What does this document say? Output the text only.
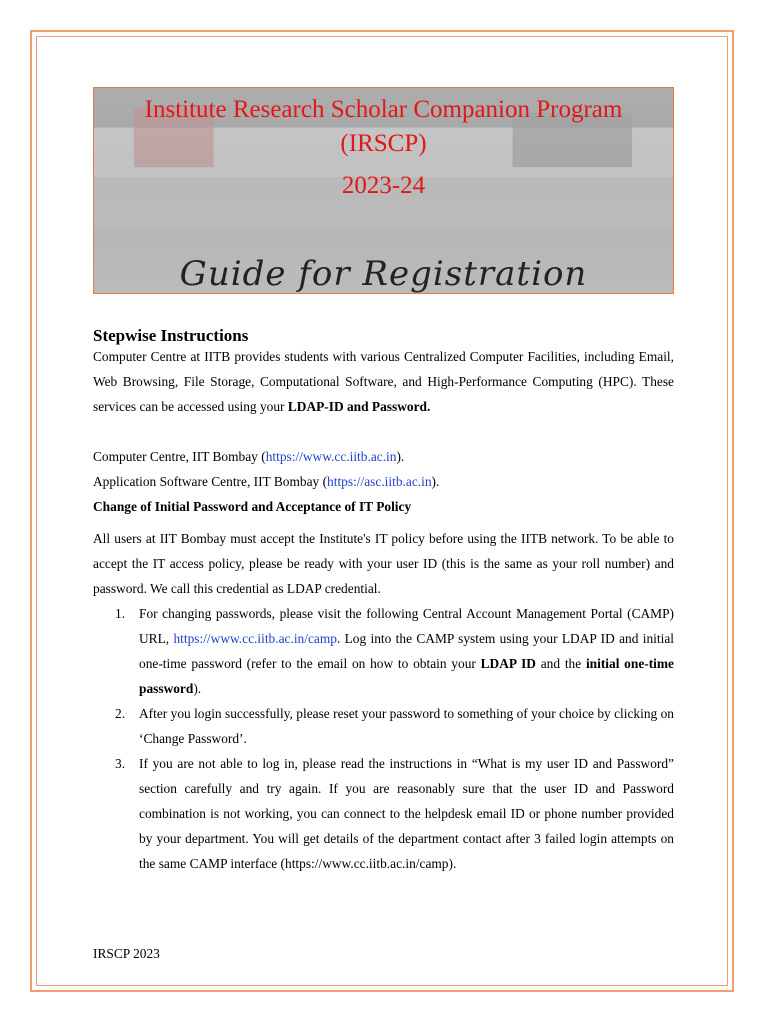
Institute Research Scholar Companion Program
(IRSCP)
2023-24
Guide for Registration
Stepwise Instructions
Computer Centre at IITB provides students with various Centralized Computer Facilities, including Email, Web Browsing, File Storage, Computational Software, and High-Performance Computing (HPC). These services can be accessed using your LDAP-ID and Password.
Computer Centre, IIT Bombay (https://www.cc.iitb.ac.in).
Application Software Centre, IIT Bombay (https://asc.iitb.ac.in).
Change of Initial Password and Acceptance of IT Policy
All users at IIT Bombay must accept the Institute's IT policy before using the IITB network. To be able to accept the IT access policy, please be ready with your user ID (this is the same as your roll number) and password. We call this credential as LDAP credential.
1. For changing passwords, please visit the following Central Account Management Portal (CAMP) URL, https://www.cc.iitb.ac.in/camp. Log into the CAMP system using your LDAP ID and initial one-time password (refer to the email on how to obtain your LDAP ID and the initial one-time password).
2. After you login successfully, please reset your password to something of your choice by clicking on ‘Change Password’.
3. If you are not able to log in, please read the instructions in “What is my user ID and Password” section carefully and try again. If you are reasonably sure that the user ID and Password combination is not working, you can connect to the helpdesk email ID or phone number provided by your department. You will get details of the department contact after 3 failed login attempts on the same CAMP interface (https://www.cc.iitb.ac.in/camp).
IRSCP 2023
